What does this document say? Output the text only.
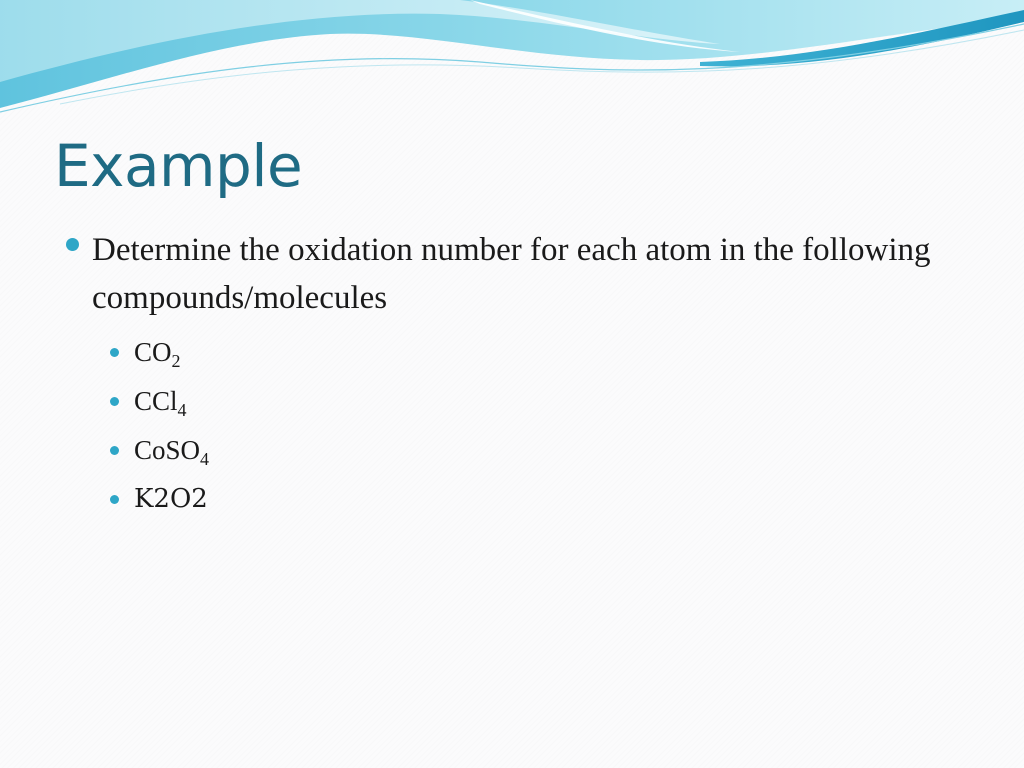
Example
Determine the oxidation number for each atom in the following compounds/molecules
$CO_2$
CCl$_4$
CoSO$_4$
K2O2
